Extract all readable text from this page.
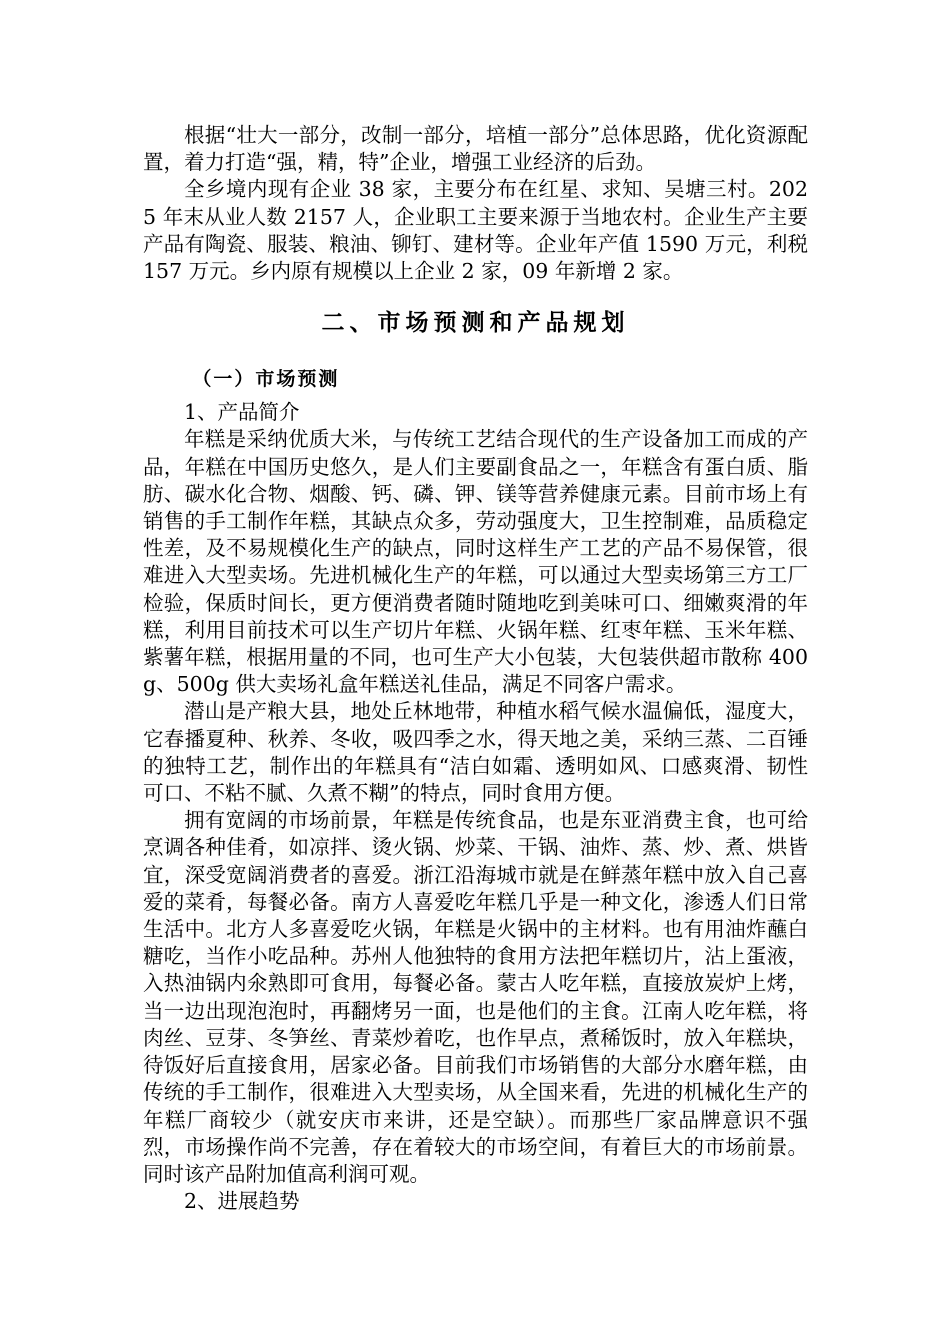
根据“壮大一部分，改制一部分，培植一部分”总体思路，优化资源配置，着力打造“强，精，特”企业，增强工业经济的后劲。

全乡境内现有企业 38 家，主要分布在红星、求知、吴塘三村。2025 年末从业人数 2157 人，企业职工主要来源于当地农村。企业生产主要产品有陶瓷、服装、粮油、铆钉、建材等。企业年产值 1590 万元，利税 157 万元。乡内原有规模以上企业 2 家，09 年新增 2 家。

二、市场预测和产品规划
（一）市场预测

1、产品简介

年糕是采纳优质大米，与传统工艺结合现代的生产设备加工而成的产品，年糕在中国历史悠久，是人们主要副食品之一，年糕含有蛋白质、脂肪、碳水化合物、烟酸、钙、磷、钾、镁等营养健康元素。目前市场上有销售的手工制作年糕，其缺点众多，劳动强度大，卫生控制难，品质稳定性差，及不易规模化生产的缺点，同时这样生产工艺的产品不易保管，很难进入大型卖场。先进机械化生产的年糕，可以通过大型卖场第三方工厂检验，保质时间长，更方便消费者随时随地吃到美味可口、细嫩爽滑的年糕，利用目前技术可以生产切片年糕、火锅年糕、红枣年糕、玉米年糕、紫薯年糕，根据用量的不同，也可生产大小包装，大包装供超市散称 400g、500g 供大卖场礼盒年糕送礼佳品，满足不同客户需求。

潜山是产粮大县，地处丘林地带，种植水稻气候水温偏低，湿度大，它春播夏种、秋养、冬收，吸四季之水，得天地之美，采纳三蒸、二百锤的独特工艺，制作出的年糕具有“洁白如霜、透明如风、口感爽滑、韧性可口、不粘不腻、久煮不糊”的特点，同时食用方便。

拥有宽阔的市场前景，年糕是传统食品，也是东亚消费主食，也可给烹调各种佳肴，如凉拌、烫火锅、炒菜、干锅、油炸、蒸、炒、煮、烘皆宜，深受宽阔消费者的喜爱。浙江沿海城市就是在鲜蒸年糕中放入自己喜爱的菜肴，每餐必备。南方人喜爱吃年糕几乎是一种文化，渗透人们日常生活中。北方人多喜爱吃火锅，年糕是火锅中的主材料。也有用油炸蘸白糖吃，当作小吃品种。苏州人他独特的食用方法把年糕切片，沾上蛋液，入热油锅内氽熟即可食用，每餐必备。蒙古人吃年糕，直接放炭炉上烤，当一边出现泡泡时，再翻烤另一面，也是他们的主食。江南人吃年糕，将肉丝、豆芽、冬笋丝、青菜炒着吃，也作早点，煮稀饭时，放入年糕块，待饭好后直接食用，居家必备。目前我们市场销售的大部分水磨年糕，由传统的手工制作，很难进入大型卖场，从全国来看，先进的机械化生产的年糕厂商较少（就安庆市来讲，还是空缺）。而那些厂家品牌意识不强烈，市场操作尚不完善，存在着较大的市场空间，有着巨大的市场前景。同时该产品附加值高利润可观。

2、进展趋势
